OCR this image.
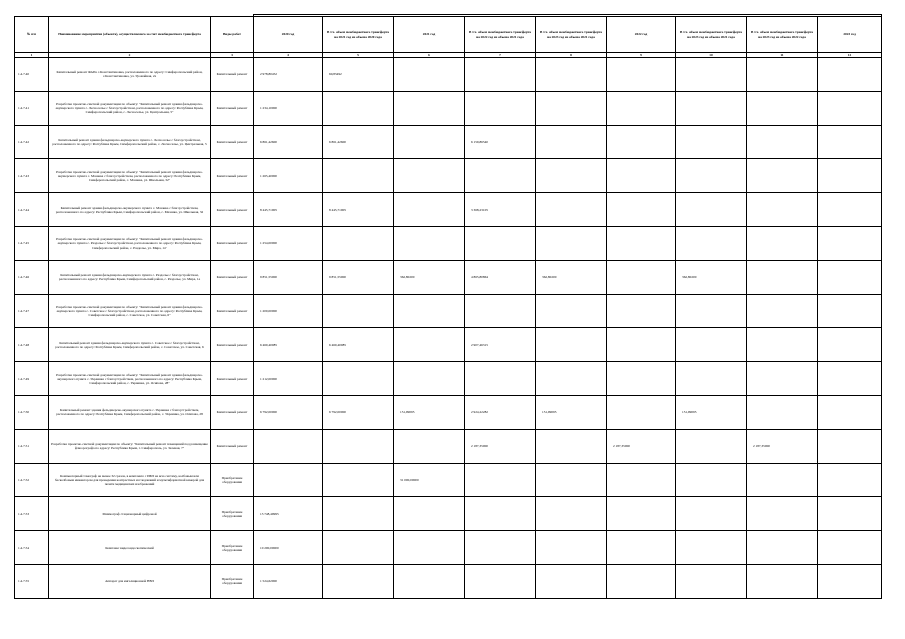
№ п/п	Наименование мероприятия (объекта), осуществляемого за счет межбюджетного трансферта	Виды работ	2020 год	В т.ч. объем межбюджетного трансферта на 2021 год из объема 2020 года	2021 год	В т.ч. объем межбюджетного трансферта на 2022 год из объема 2021 года	В т.ч. объем межбюджетного трансферта на 2023 год из объема 2021 года	2022 год	В т.ч. объем межбюджетного трансферта на 2023 год из объема 2021 года	В т.ч. объем межбюджетного трансферта на 2023 год из объема 2022 года	2023 год
1	2	3	4	5	6	7	8	9	10	11	12
1.4.7.40	Капитальный ремонт ФАПа с.Константиновка, расположенного по адресу: Симферопольский район, с.Константиновка, ул. Урожайная, 2а	Капитальный ремонт	2 978,80452	60,83492							
1.4.7.41	Разработка проектно-сметной документации по объекту: "Капитальный ремонт здания фельдшерско-акушерского пункта с. Лесноселье с благоустройством, расположенного по адресу: Республика Крым, Симферопольский район, с. Лесноселье, ул. Центральная, 5"	Капитальный ремонт	1 234,10000								
1.4.7.42	Капитальный ремонт здания фельдшерско-акушерского пункта с. Лесноселье с благоустройством, расположенного по адресу: Республика Крым, Симферопольский район, с. Лесноселье, ул. Центральная, 5	Капитальный ремонт	6 861,42600	6 861,42600		6 159,86540					
1.4.7.43	Разработка проектно-сметной документации по объекту: "Капитальный ремонт здания фельдшерско-акушерского пункта с. Мазанка с благоустройством, расположенного по адресу: Республика Крым, Симферопольский район, с. Мазанка, ул. Школьная, 32"	Капитальный ремонт	1 265,40000								
1.4.7.44	Капитальный ремонт здания фельдшерско-акушерского пункта с. Мазанка с благоустройством, расположенного по адресу: Республика Крым, Симферопольский район, с. Мазанка, ул. Школьная, 32	Капитальный ремонт	8 445,71905	8 445,71905		3 368,23105					
1.4.7.45	Разработка проектно-сметной документации по объекту: "Капитальный ремонт здания фельдшерско-акушерского пункта с. Раздолье с благоустройством, расположенного по адресу: Республика Крым, Симферопольский район, с. Раздолье, ул. Мира, 1а"	Капитальный ремонт	1 254,00000								
1.4.7.46	Капитальный ремонт здания фельдшерско-акушерского пункта с. Раздолье с благоустройством, расположенного по адресу: Республика Крым, Симферопольский район, с. Раздолье, ул. Мира, 1а	Капитальный ремонт	9 851,55000	9 851,55000	362,80200	4 865,80864	362,80200		362,80200		
1.4.7.47	Разработка проектно-сметной документации по объекту: "Капитальный ремонт здания фельдшерско-акушерского пункта с. Советское с благоустройством, расположенного по адресу: Республика Крым, Симферопольский район, с. Советское, ул. Советская, 6"	Капитальный ремонт	1 200,00000								
1.4.7.48	Капитальный ремонт здания фельдшерско-акушерского пункта с. Советское с благоустройством, расположенного по адресу: Республика Крым, Симферопольский район, с. Советское, ул. Советская, 6	Капитальный ремонт	6 460,40085	6 460,40085		2 907,46315					
1.4.7.49	Разработка проектно-сметной документации по объекту: "Капитальный ремонт здания фельдшерско-акушерского пункта с. Украинка с благоустройством, расположенного по адресу: Республика Крым, Симферопольский район, с. Украинка, ул. Осипова, 28"	Капитальный ремонт	1 212,00000								
1.4.7.50	Капитальный ремонт здания фельдшерско-акушерского пункта с. Украинка с благоустройством, расположенного по адресу: Республика Крым, Симферопольский район, с. Украинка, ул. Осипова, 28	Капитальный ремонт	6 792,00000	6 792,00000	151,99095	2 924,22282	151,99095		151,99095		
1.4.7.51	Разработка проектно-сметной документации по объекту: "Капитальный ремонт помещений под размещение флюорографа по адресу: Республика Крым, г. Симферополь, ул. Зеленая, 7"	Капитальный ремонт				2 187,35000		2 187,35000		2 187,35000	
1.4.7.52	Компьютерный томограф не менее 32 срезов, в комплекте с ИБП на всю систему, колбовым или бесколбовым инжектором для проведения контрастных исследований и мультиформатной камерой для печати медицинских изображений	Приобретение оборудования			31 000,00000						
1.4.7.53	Маммограф стационарный цифровой	Приобретение оборудования	13 748,49995								
1.4.7.54	Комплекс видеоэндоскопический	Приобретение оборудования	10 200,00000								
1.4.7.55	Аппарат для ингаляционной НВЛ	Приобретение оборудования	1 524,62000								
